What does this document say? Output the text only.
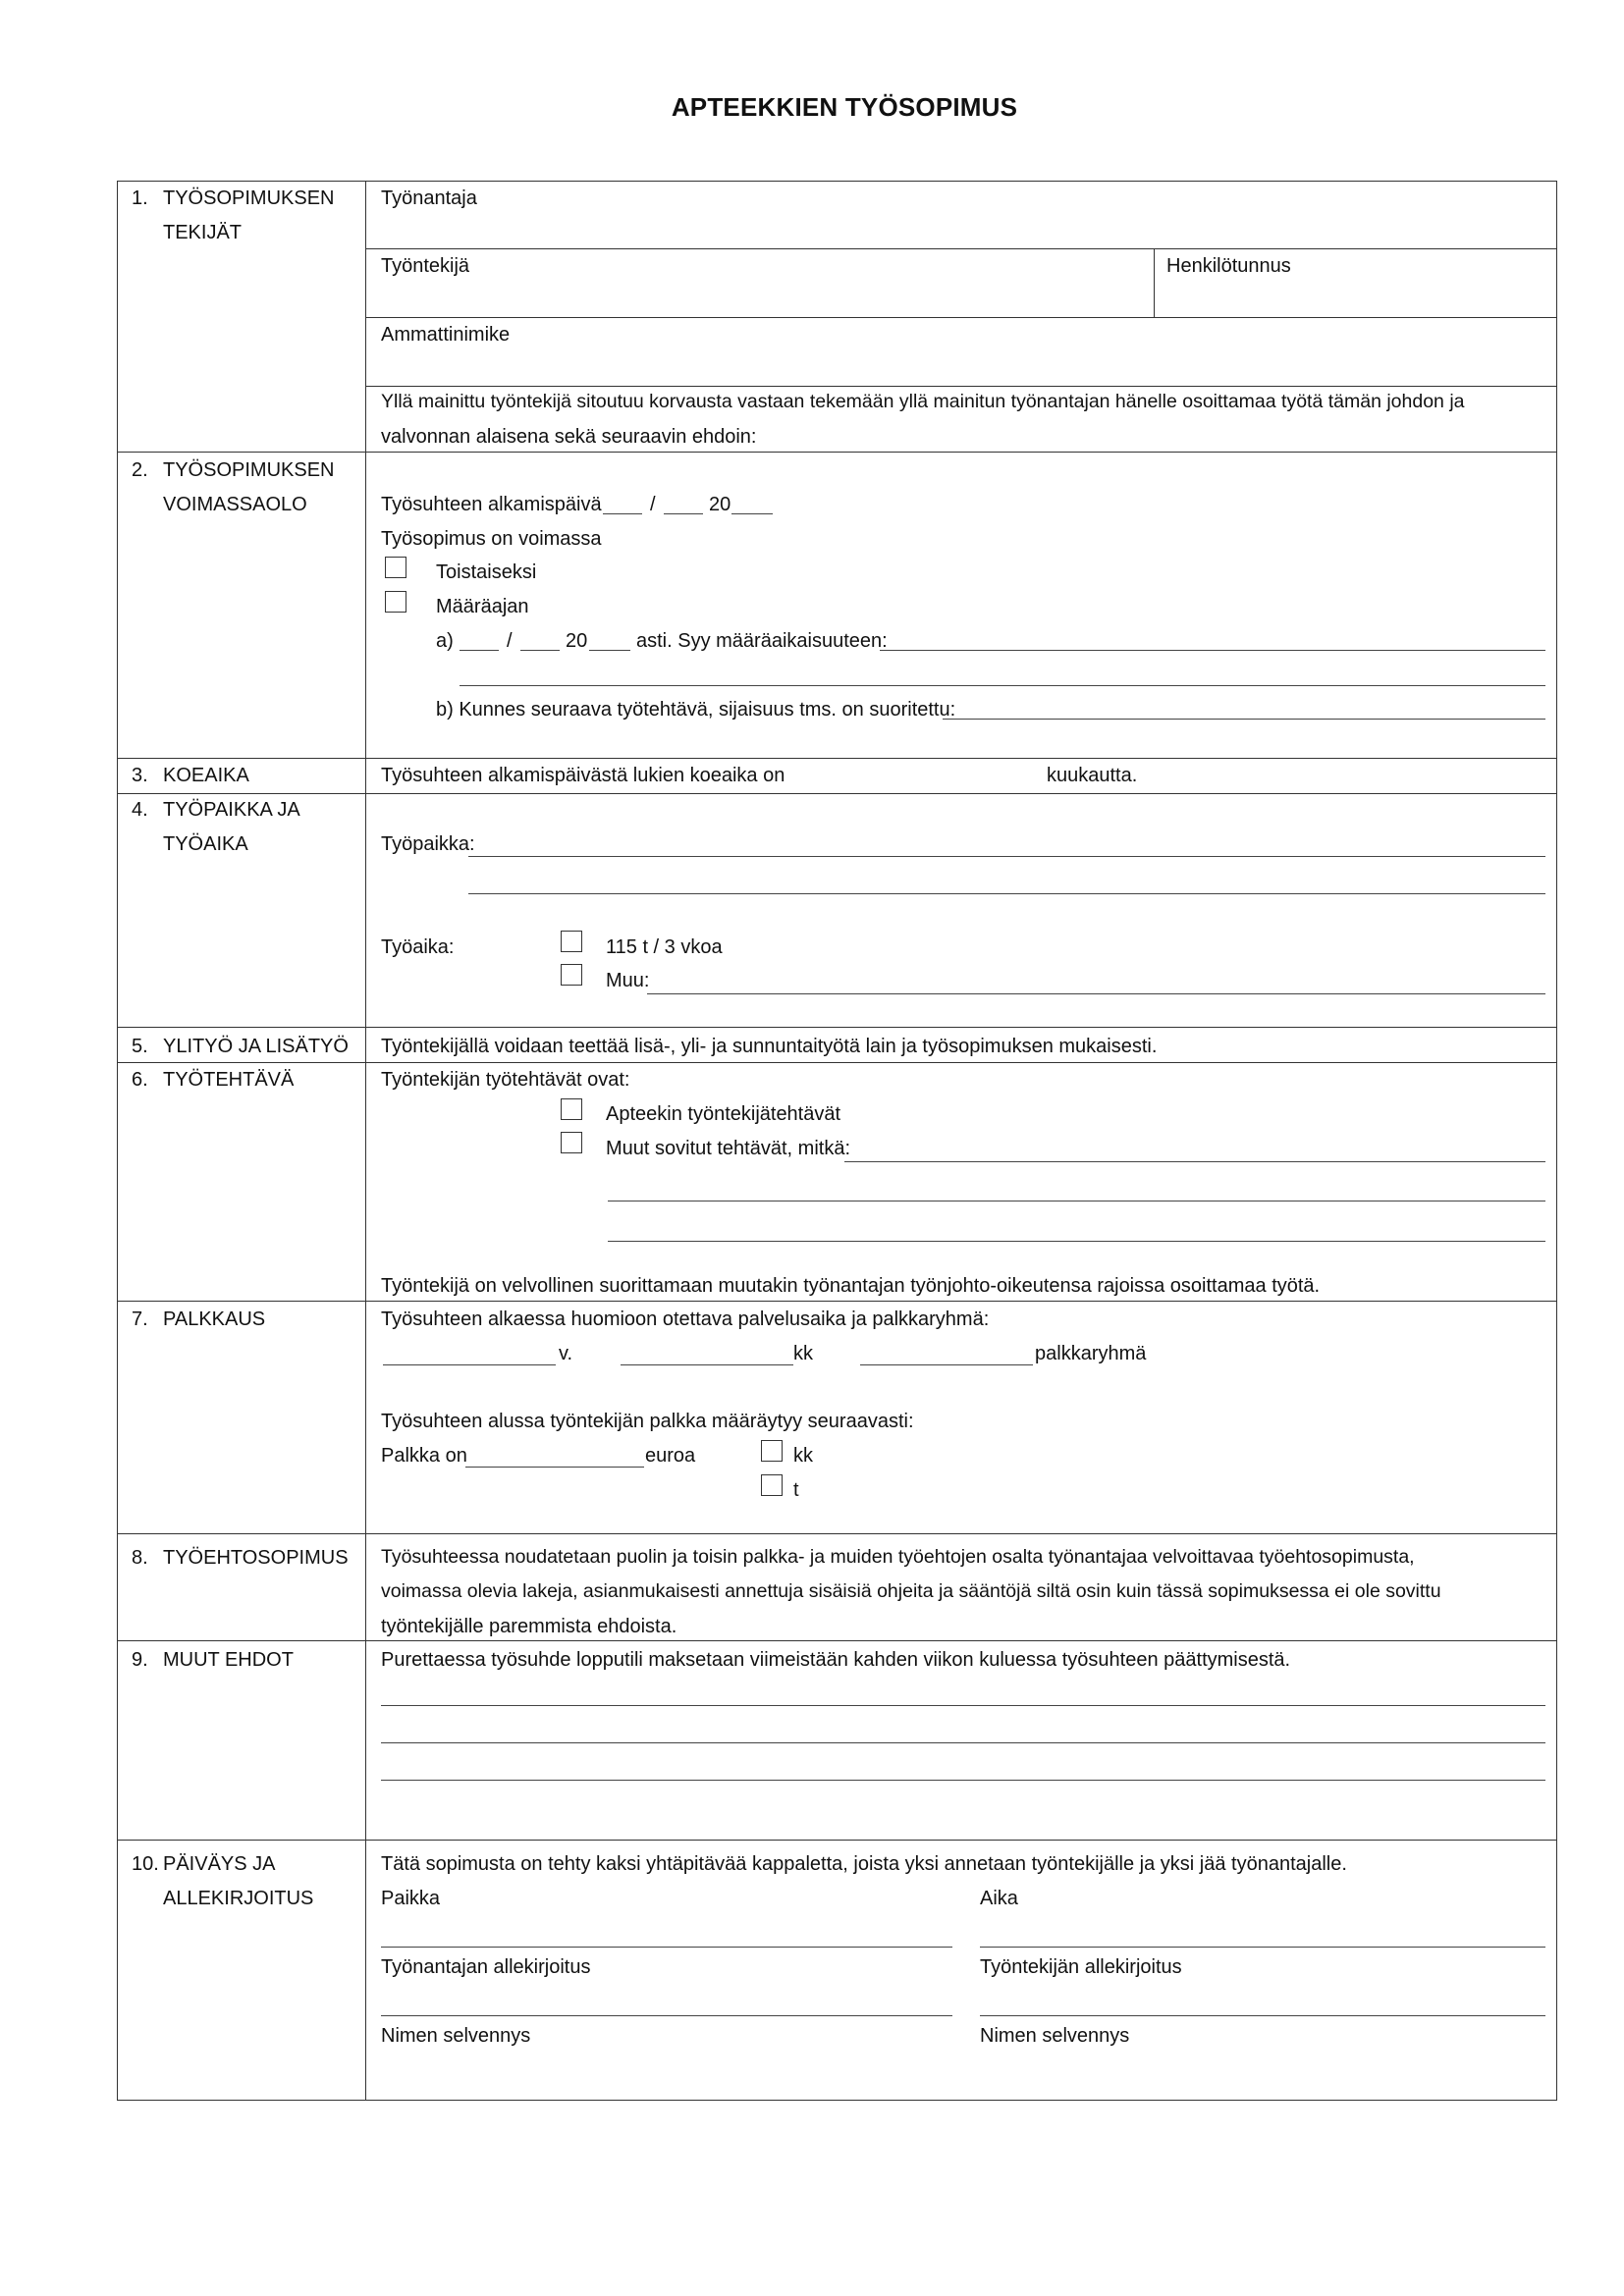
APTEEKKIEN TYÖSOPIMUS
1. TYÖSOPIMUKSEN
TEKIJÄT
Työnantaja
Työntekijä	Henkilötunnus
Ammattinimike
Yllä mainittu työntekijä sitoutuu korvausta vastaan tekemään yllä mainitun työnantajan hänelle osoittamaa työtä tämän johdon ja
valvonnan alaisena sekä seuraavin ehdoin:
2. TYÖSOPIMUKSEN
VOIMASSAOLO	Työsuhteen alkamispäivä /	20
Työsopimus on voimassa
Toistaiseksi
Määräajan
a)	/	20 asti. Syy määräaikaisuuteen:
b) Kunnes seuraava työtehtävä, sijaisuus tms. on suoritettu:
3. KOEAIKA	Työsuhteen alkamispäivästä lukien koeaika on	kuukautta.
4. TYÖPAIKKA JA
TYÖAIKA	Työpaikka:
Työaika:	115 t / 3 vkoa
Muu:
5. YLITYÖ JA LISÄTYÖ Työntekijällä voidaan teettää lisä-, yli- ja sunnuntaityötä lain ja työsopimuksen mukaisesti.
6. TYÖTEHTÄVÄ	Työntekijän työtehtävät ovat:
Apteekin työntekijätehtävät
Muut sovitut tehtävät, mitkä:
Työntekijä on velvollinen suorittamaan muutakin työnantajan työnjohto-oikeutensa rajoissa osoittamaa työtä.
7. PALKKAUS	Työsuhteen alkaessa huomioon otettava palvelusaika ja palkkaryhmä:
v.	kk	palkkaryhmä
Työsuhteen alussa työntekijän palkka määräytyy seuraavasti:
Palkka on	euroa	kk
t
8. TYÖEHTOSOPIMUS Työsuhteessa noudatetaan puolin ja toisin palkka- ja muiden työehtojen osalta työnantajaa velvoittavaa työehtosopimusta,
voimassa olevia lakeja, asianmukaisesti annettuja sisäisiä ohjeita ja sääntöjä siltä osin kuin tässä sopimuksessa ei ole sovittu
työntekijälle paremmista ehdoista.
9. MUUT EHDOT	Purettaessa työsuhde lopputili maksetaan viimeistään kahden viikon kuluessa työsuhteen päättymisestä.
10. PÄIVÄYS JA
ALLEKIRJOITUS
Tätä sopimusta on tehty kaksi yhtäpitävää kappaletta, joista yksi annetaan työntekijälle ja yksi jää työnantajalle.
Paikka	Aika
Työnantajan allekirjoitus	Työntekijän allekirjoitus
Nimen selvennys	Nimen selvennys
